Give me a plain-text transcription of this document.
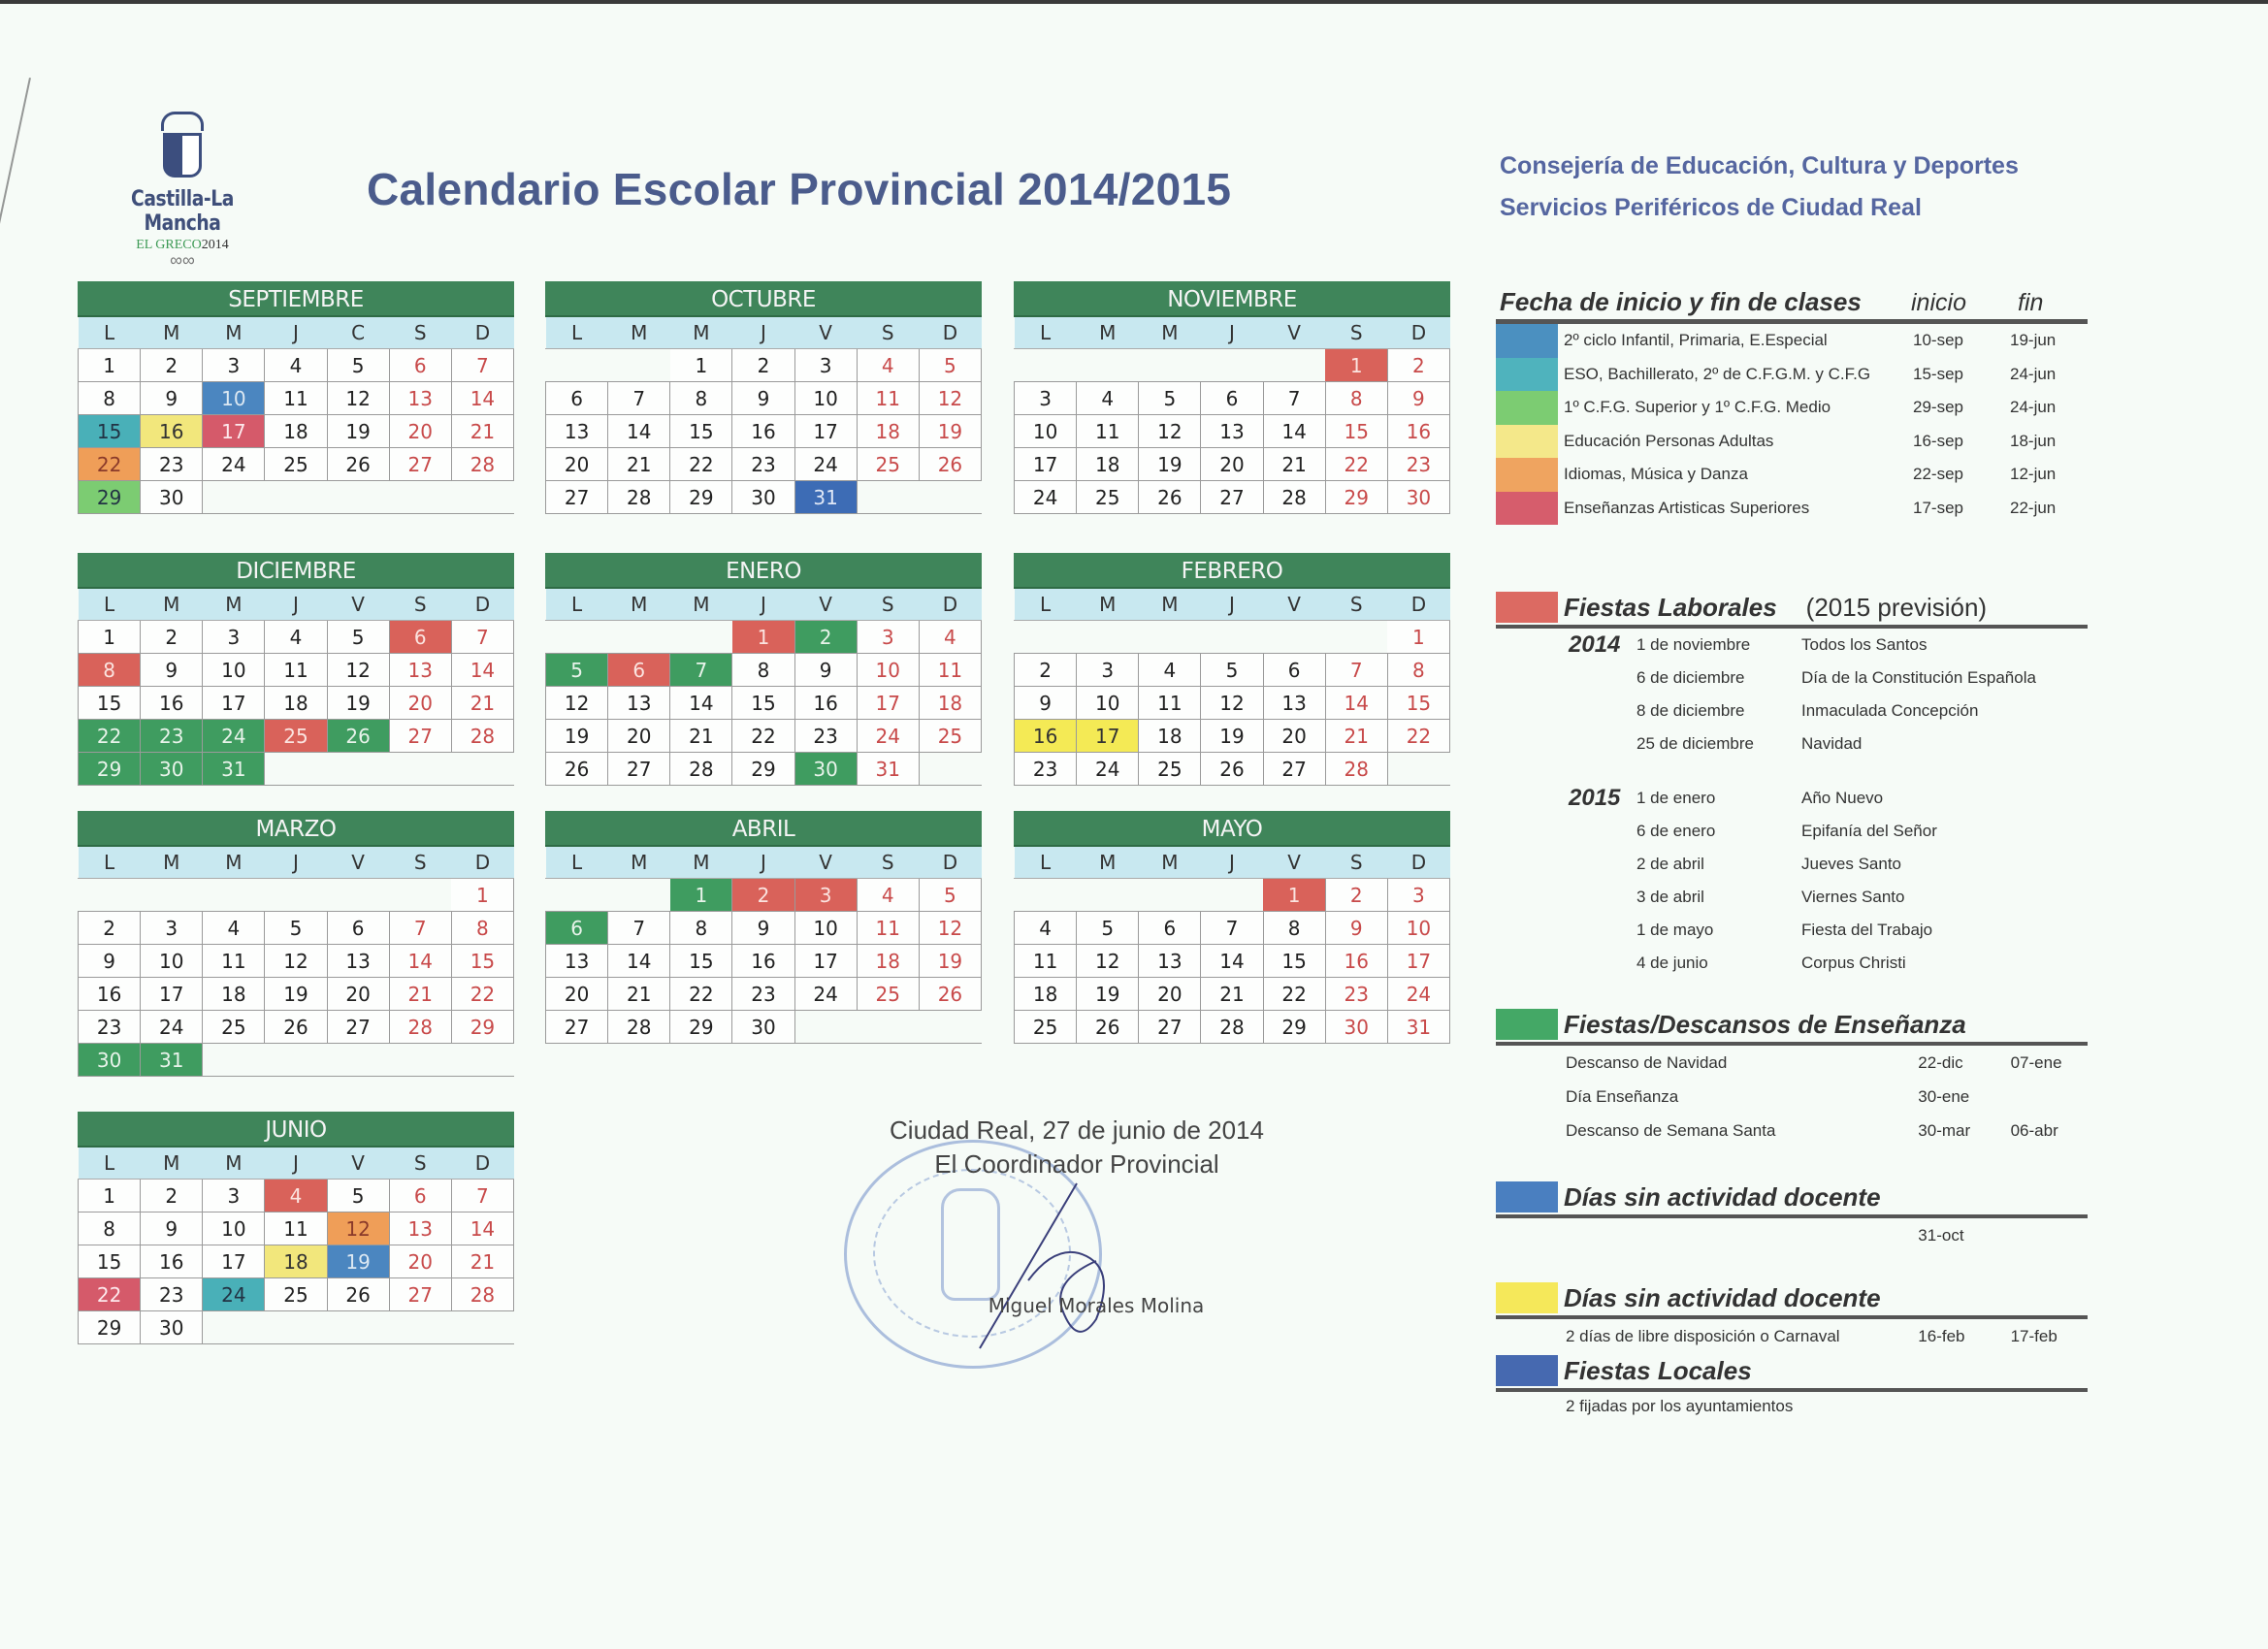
Castilla-La Mancha
EL GRECO2014
∞∞
Calendario Escolar Provincial 2014/2015	Consejería de Educación, Cultura y Deportes
Servicios Periféricos de Ciudad Real
SEPTIEMBRE
L	M	M	J	C	S	D
1	2	3	4	5	6	7
8	9	10	11	12	13	14
15	16	17	18	19	20	21
22	23	24	25	26	27	28
29	30					
OCTUBRE
L	M	M	J	V	S	D
		1	2	3	4	5
6	7	8	9	10	11	12
13	14	15	16	17	18	19
20	21	22	23	24	25	26
27	28	29	30	31		
NOVIEMBRE
L	M	M	J	V	S	D
					1	2
3	4	5	6	7	8	9
10	11	12	13	14	15	16
17	18	19	20	21	22	23
24	25	26	27	28	29	30
DICIEMBRE
L	M	M	J	V	S	D
1	2	3	4	5	6	7
8	9	10	11	12	13	14
15	16	17	18	19	20	21
22	23	24	25	26	27	28
29	30	31				
ENERO
L	M	M	J	V	S	D
			1	2	3	4
5	6	7	8	9	10	11
12	13	14	15	16	17	18
19	20	21	22	23	24	25
26	27	28	29	30	31	
FEBRERO
L	M	M	J	V	S	D
						1
2	3	4	5	6	7	8
9	10	11	12	13	14	15
16	17	18	19	20	21	22
23	24	25	26	27	28	
MARZO
L	M	M	J	V	S	D
						1
2	3	4	5	6	7	8
9	10	11	12	13	14	15
16	17	18	19	20	21	22
23	24	25	26	27	28	29
30	31					
ABRIL
L	M	M	J	V	S	D
		1	2	3	4	5
6	7	8	9	10	11	12
13	14	15	16	17	18	19
20	21	22	23	24	25	26
27	28	29	30			
MAYO
L	M	M	J	V	S	D
				1	2	3
4	5	6	7	8	9	10
11	12	13	14	15	16	17
18	19	20	21	22	23	24
25	26	27	28	29	30	31
JUNIO
L	M	M	J	V	S	D
1	2	3	4	5	6	7
8	9	10	11	12	13	14
15	16	17	18	19	20	21
22	23	24	25	26	27	28
29	30					
Fecha de inicio y fin de clases	inicio	fin
2º ciclo Infantil, Primaria, E.Especial	10-sep	19-jun
ESO, Bachillerato, 2º de C.F.G.M. y C.F.G	15-sep	24-jun
1º C.F.G. Superior y 1º C.F.G. Medio	29-sep	24-jun
Educación Personas Adultas	16-sep	18-jun
Idiomas, Música y Danza	22-sep	12-jun
Enseñanzas Artisticas Superiores	17-sep	22-jun
Fiestas Laborales (2015 previsión)
2014 1 de noviembre	Todos los Santos
6 de diciembre	Día de la Constitución Española
8 de diciembre	Inmaculada Concepción
25 de diciembre	Navidad
2015 1 de enero	Año Nuevo
6 de enero	Epifanía del Señor
2 de abril	Jueves Santo
3 de abril	Viernes Santo
1 de mayo	Fiesta del Trabajo
4 de junio	Corpus Christi
Fiestas/Descansos de Enseñanza
Descanso de Navidad	22-dic	07-ene
Día Enseñanza	30-ene
Descanso de Semana Santa	30-mar	06-abr
Días sin actividad docente
31-oct
Días sin actividad docente
2 días de libre disposición o Carnaval	16-feb	17-feb
Fiestas Locales
2 fijadas por los ayuntamientos
Ciudad Real, 27 de junio de 2014
El Coordinador Provincial
Miguel Morales Molina
